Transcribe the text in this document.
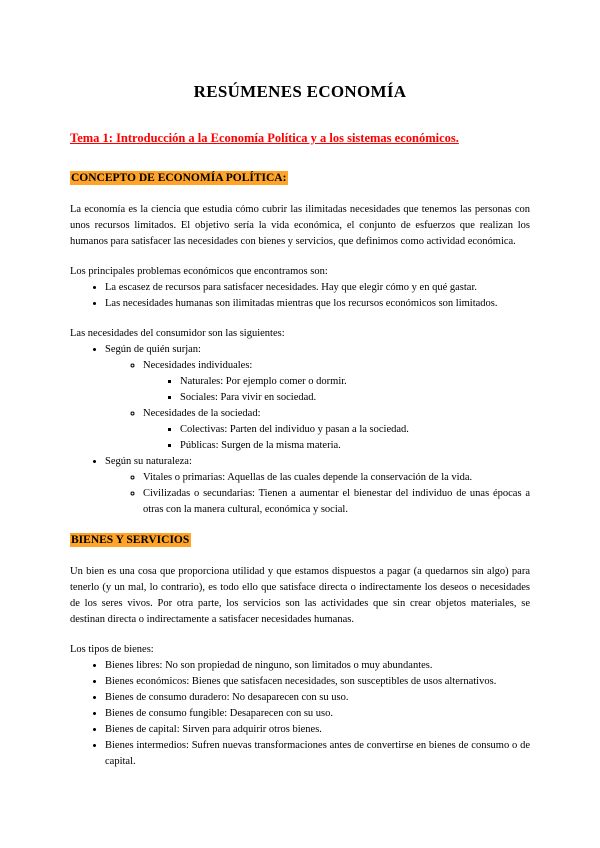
RESÚMENES ECONOMÍA
Tema 1: Introducción a la Economía Política y a los sistemas económicos.
CONCEPTO DE ECONOMÍA POLÍTICA:

La economía es la ciencia que estudia cómo cubrir las ilimitadas necesidades que tenemos las personas con unos recursos limitados. El objetivo sería la vida económica, el conjunto de esfuerzos que realizan los humanos para satisfacer las necesidades con bienes y servicios, que definimos como actividad económica.

Los principales problemas económicos que encontramos son:

• La escasez de recursos para satisfacer necesidades. Hay que elegir cómo y en qué gastar.
• Las necesidades humanas son ilimitadas mientras que los recursos económicos son limitados.

Las necesidades del consumidor son las siguientes:

• Según de quién surjan:
◦ Necesidades individuales:
▪ Naturales: Por ejemplo comer o dormir.
▪ Sociales: Para vivir en sociedad.
◦ Necesidades de la sociedad:
▪ Colectivas: Parten del individuo y pasan a la sociedad.
▪ Públicas: Surgen de la misma materia.
• Según su naturaleza:
◦ Vitales o primarias: Aquellas de las cuales depende la conservación de la vida.
◦ Civilizadas o secundarias: Tienen a aumentar el bienestar del individuo de unas épocas a otras con la manera cultural, económica y social.
BIENES Y SERVICIOS

Un bien es una cosa que proporciona utilidad y que estamos dispuestos a pagar (a quedarnos sin algo) para tenerlo (y un mal, lo contrario), es todo ello que satisface directa o indirectamente los deseos o necesidades de los seres vivos. Por otra parte, los servicios son las actividades que sin crear objetos materiales, se destinan directa o indirectamente a satisfacer necesidades humanas.

Los tipos de bienes:

• Bienes libres: No son propiedad de ninguno, son limitados o muy abundantes.
• Bienes económicos: Bienes que satisfacen necesidades, son susceptibles de usos alternativos.
• Bienes de consumo duradero: No desaparecen con su uso.
• Bienes de consumo fungible: Desaparecen con su uso.
• Bienes de capital: Sirven para adquirir otros bienes.
• Bienes intermedios: Sufren nuevas transformaciones antes de convertirse en bienes de consumo o de capital.
